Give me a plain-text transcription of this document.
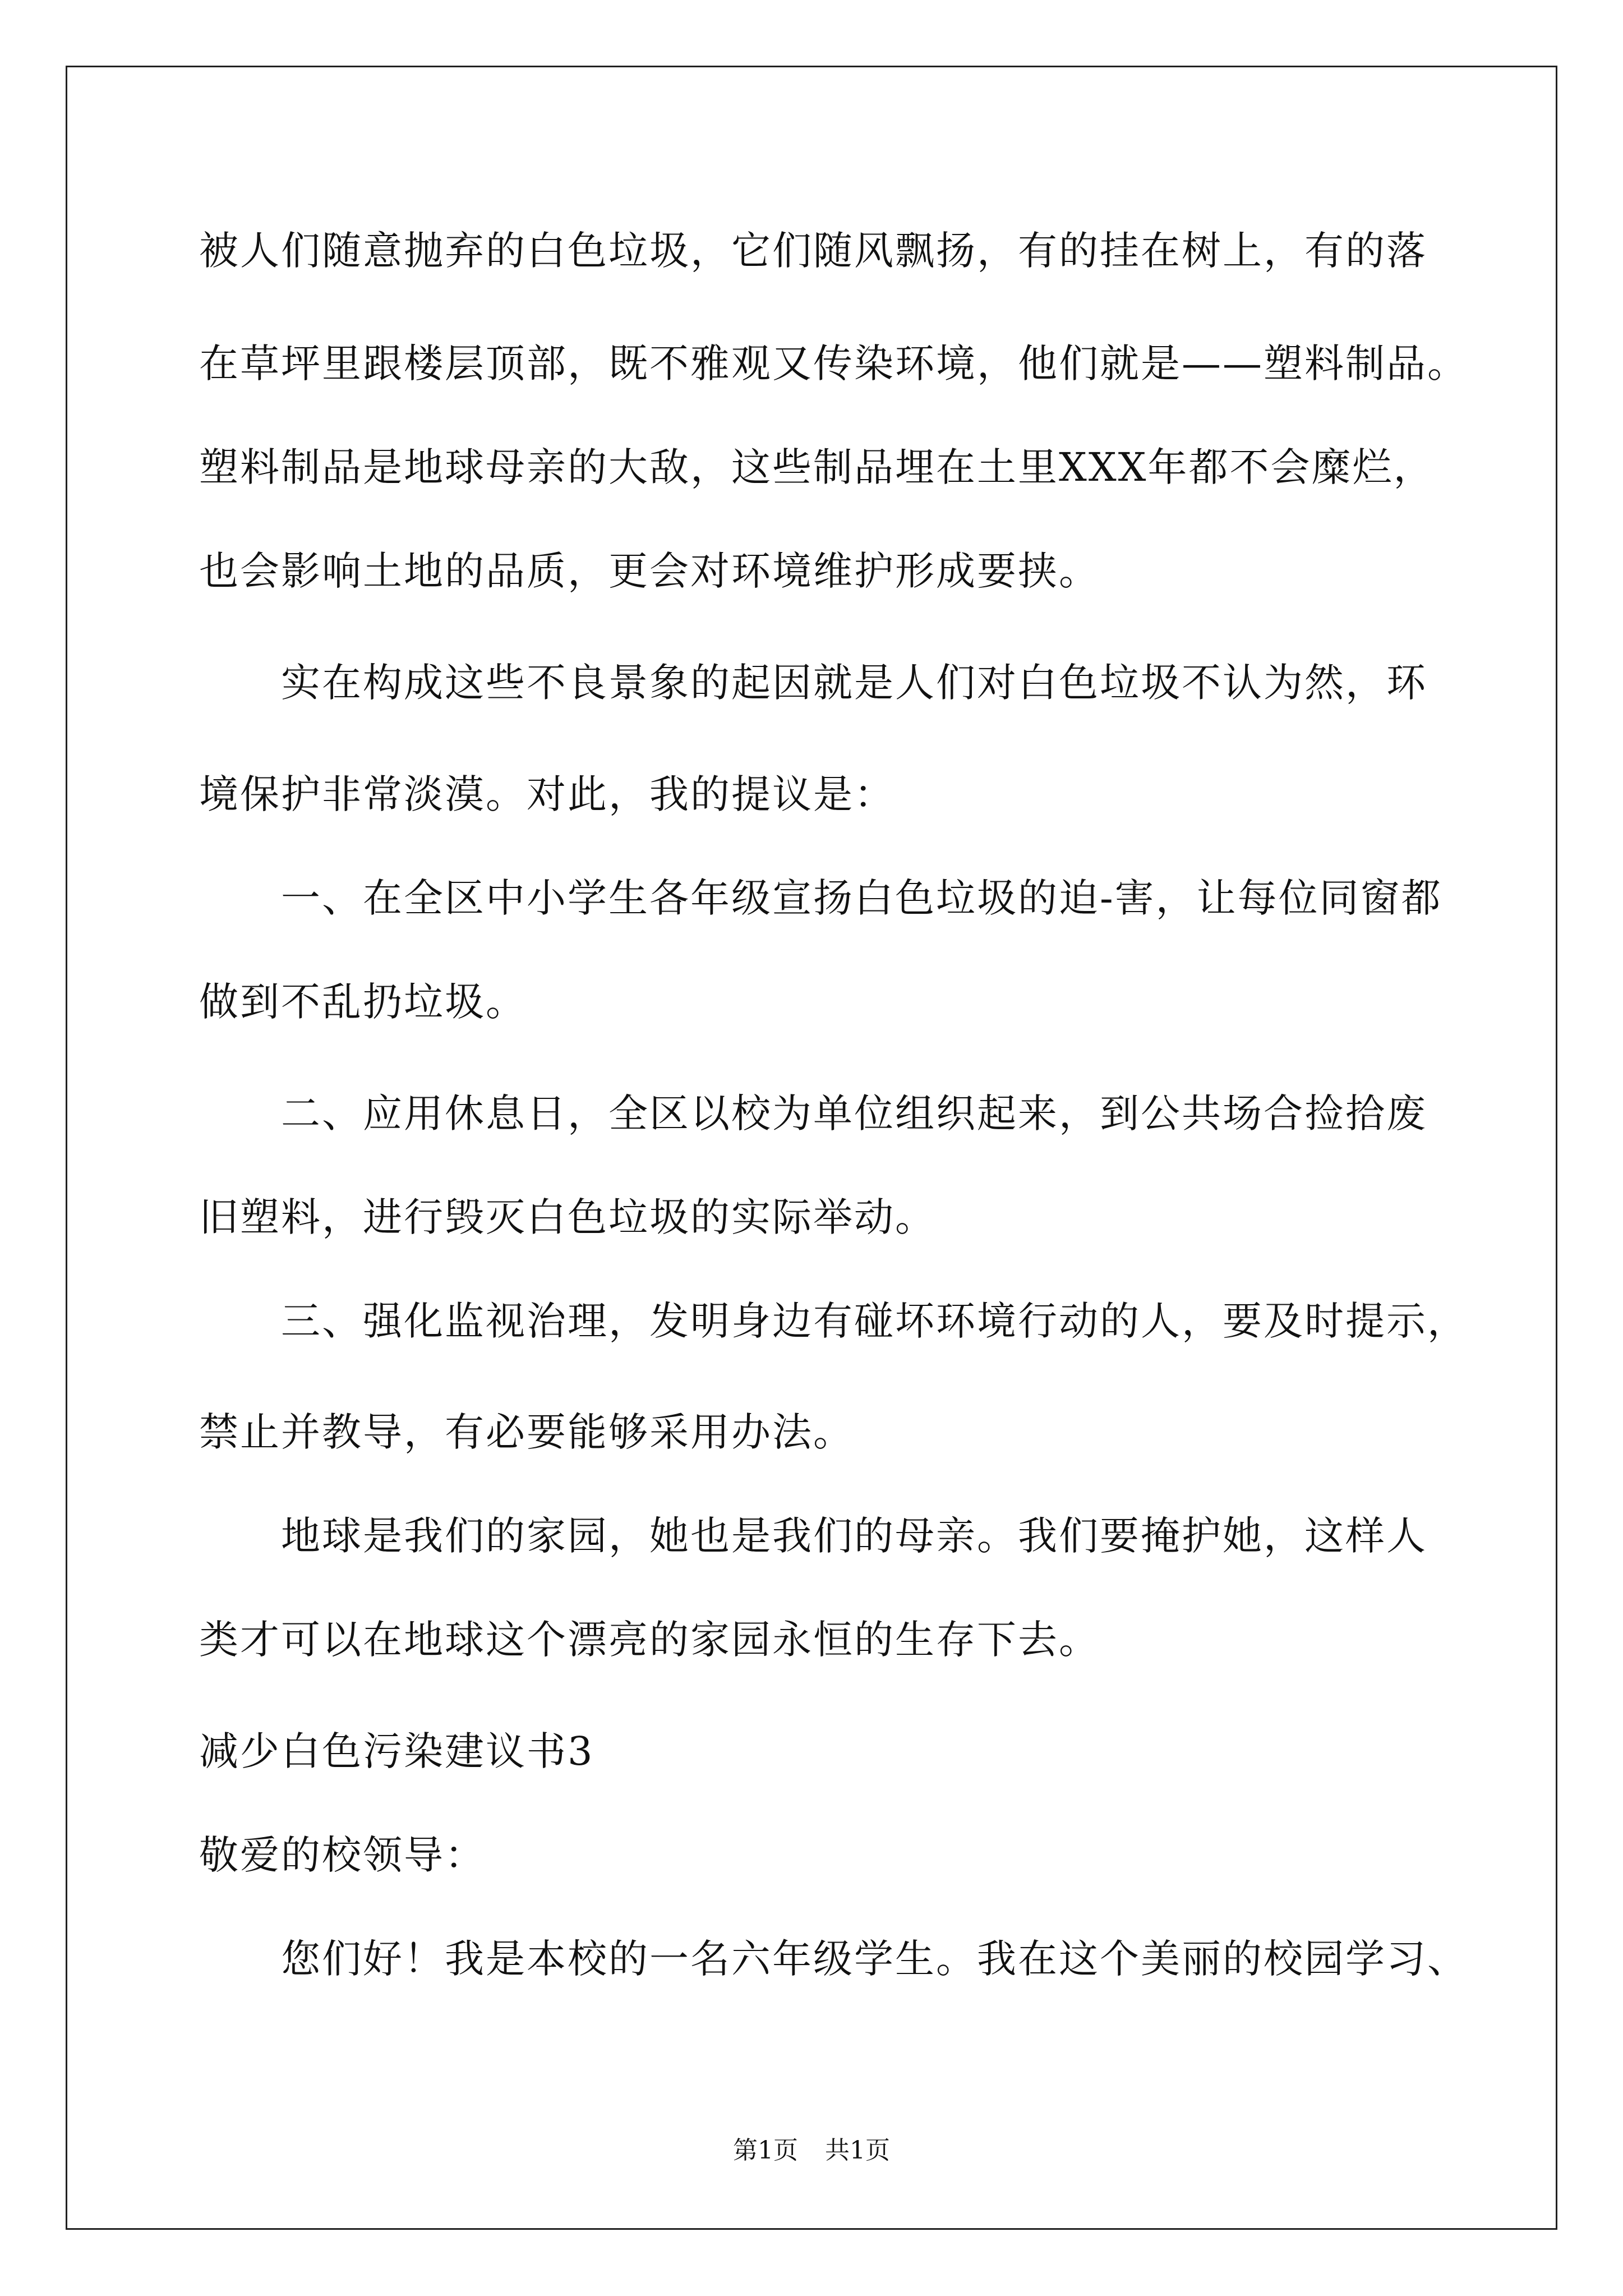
被人们随意抛弃的白色垃圾，它们随风飘扬，有的挂在树上，有的落
在草坪里跟楼层顶部，既不雅观又传染环境，他们就是——塑料制品。
塑料制品是地球母亲的大敌，这些制品埋在土里XXX年都不会糜烂，
也会影响土地的品质，更会对环境维护形成要挟。
实在构成这些不良景象的起因就是人们对白色垃圾不认为然，环
境保护非常淡漠。对此，我的提议是：
一、在全区中小学生各年级宣扬白色垃圾的迫-害，让每位同窗都
做到不乱扔垃圾。
二、应用休息日，全区以校为单位组织起来，到公共场合捡拾废
旧塑料，进行毁灭白色垃圾的实际举动。
三、强化监视治理，发明身边有碰坏环境行动的人，要及时提示，
禁止并教导，有必要能够采用办法。
地球是我们的家园，她也是我们的母亲。我们要掩护她，这样人
类才可以在地球这个漂亮的家园永恒的生存下去。
减少白色污染建议书3
敬爱的校领导：
您们好！我是本校的一名六年级学生。我在这个美丽的校园学习、
第1页 共1页
